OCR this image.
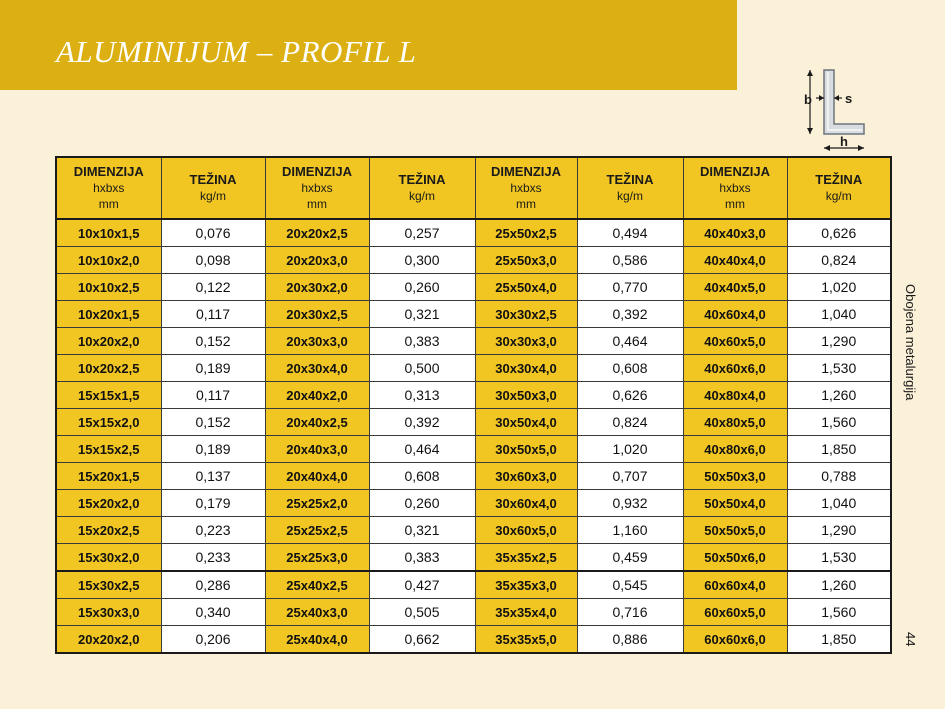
ALUMINIJUM – PROFIL L
b	s
h
DIMENZIJA
hxbxs
mm	TEŽINA
kg/m	DIMENZIJA
hxbxs
mm	TEŽINA
kg/m	DIMENZIJA
hxbxs
mm	TEŽINA
kg/m	DIMENZIJA
hxbxs
mm	TEŽINA
kg/m

10x10x1,5	0,076	20x20x2,5	0,257	25x50x2,5	0,494	40x40x3,0	0,626
10x10x2,0	0,098	20x20x3,0	0,300	25x50x3,0	0,586	40x40x4,0	0,824
10x10x2,5	0,122	20x30x2,0	0,260	25x50x4,0	0,770	40x40x5,0	1,020
10x20x1,5	0,117	20x30x2,5	0,321	30x30x2,5	0,392	40x60x4,0	1,040
10x20x2,0	0,152	20x30x3,0	0,383	30x30x3,0	0,464	40x60x5,0	1,290
10x20x2,5	0,189	20x30x4,0	0,500	30x30x4,0	0,608	40x60x6,0	1,530
15x15x1,5	0,117	20x40x2,0	0,313	30x50x3,0	0,626	40x80x4,0	1,260
15x15x2,0	0,152	20x40x2,5	0,392	30x50x4,0	0,824	40x80x5,0	1,560
15x15x2,5	0,189	20x40x3,0	0,464	30x50x5,0	1,020	40x80x6,0	1,850
15x20x1,5	0,137	20x40x4,0	0,608	30x60x3,0	0,707	50x50x3,0	0,788
15x20x2,0	0,179	25x25x2,0	0,260	30x60x4,0	0,932	50x50x4,0	1,040
15x20x2,5	0,223	25x25x2,5	0,321	30x60x5,0	1,160	50x50x5,0	1,290
15x30x2,0	0,233	25x25x3,0	0,383	35x35x2,5	0,459	50x50x6,0	1,530
15x30x2,5	0,286	25x40x2,5	0,427	35x35x3,0	0,545	60x60x4,0	1,260
15x30x3,0	0,340	25x40x3,0	0,505	35x35x4,0	0,716	60x60x5,0	1,560
20x20x2,0	0,206	25x40x4,0	0,662	35x35x5,0	0,886	60x60x6,0	1,850
Obojena metalurgija
44
